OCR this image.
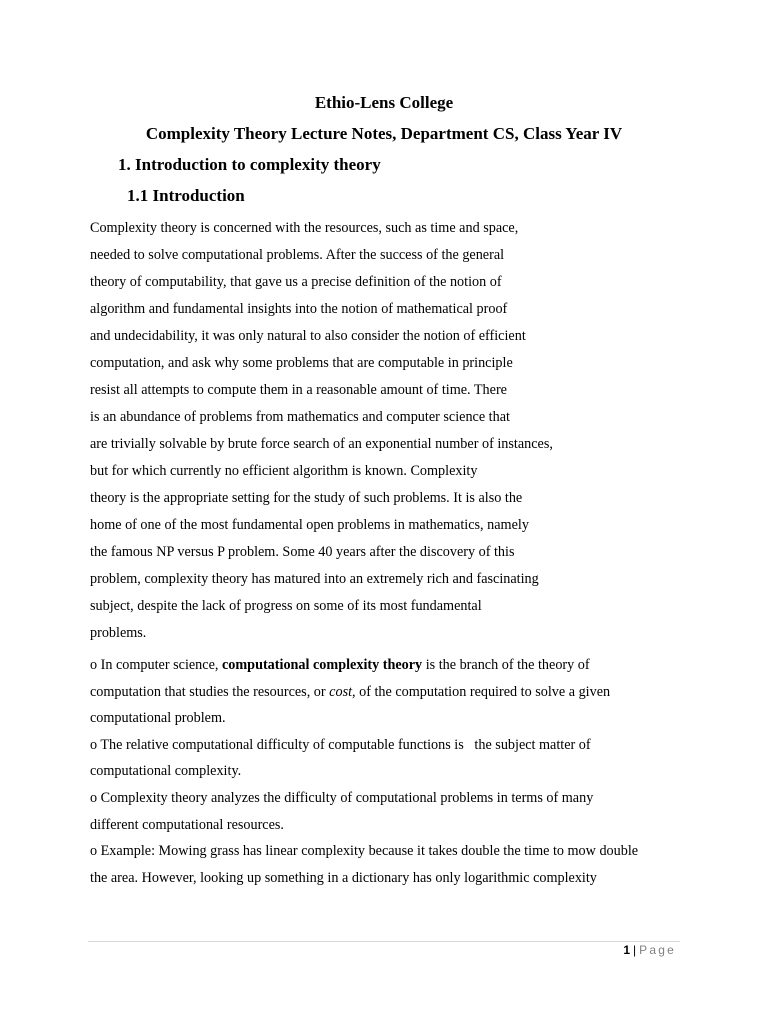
Ethio-Lens College
Complexity Theory Lecture Notes, Department CS, Class Year IV
1. Introduction to complexity theory
1.1 Introduction
Complexity theory is concerned with the resources, such as time and space,
needed to solve computational problems. After the success of the general
theory of computability, that gave us a precise definition of the notion of
algorithm and fundamental insights into the notion of mathematical proof
and undecidability, it was only natural to also consider the notion of efficient
computation, and ask why some problems that are computable in principle
resist all attempts to compute them in a reasonable amount of time. There
is an abundance of problems from mathematics and computer science that
are trivially solvable by brute force search of an exponential number of instances,
but for which currently no efficient algorithm is known. Complexity
theory is the appropriate setting for the study of such problems. It is also the
home of one of the most fundamental open problems in mathematics, namely
the famous NP versus P problem. Some 40 years after the discovery of this
problem, complexity theory has matured into an extremely rich and fascinating
subject, despite the lack of progress on some of its most fundamental
problems.
o In computer science, computational complexity theory is the branch of the theory of
computation that studies the resources, or cost, of the computation required to solve a given
computational problem.
o The relative computational difficulty of computable functions is   the subject matter of
computational complexity.
o Complexity theory analyzes the difficulty of computational problems in terms of many
different computational resources.
o Example: Mowing grass has linear complexity because it takes double the time to mow double
the area. However, looking up something in a dictionary has only logarithmic complexity
1 | Page
